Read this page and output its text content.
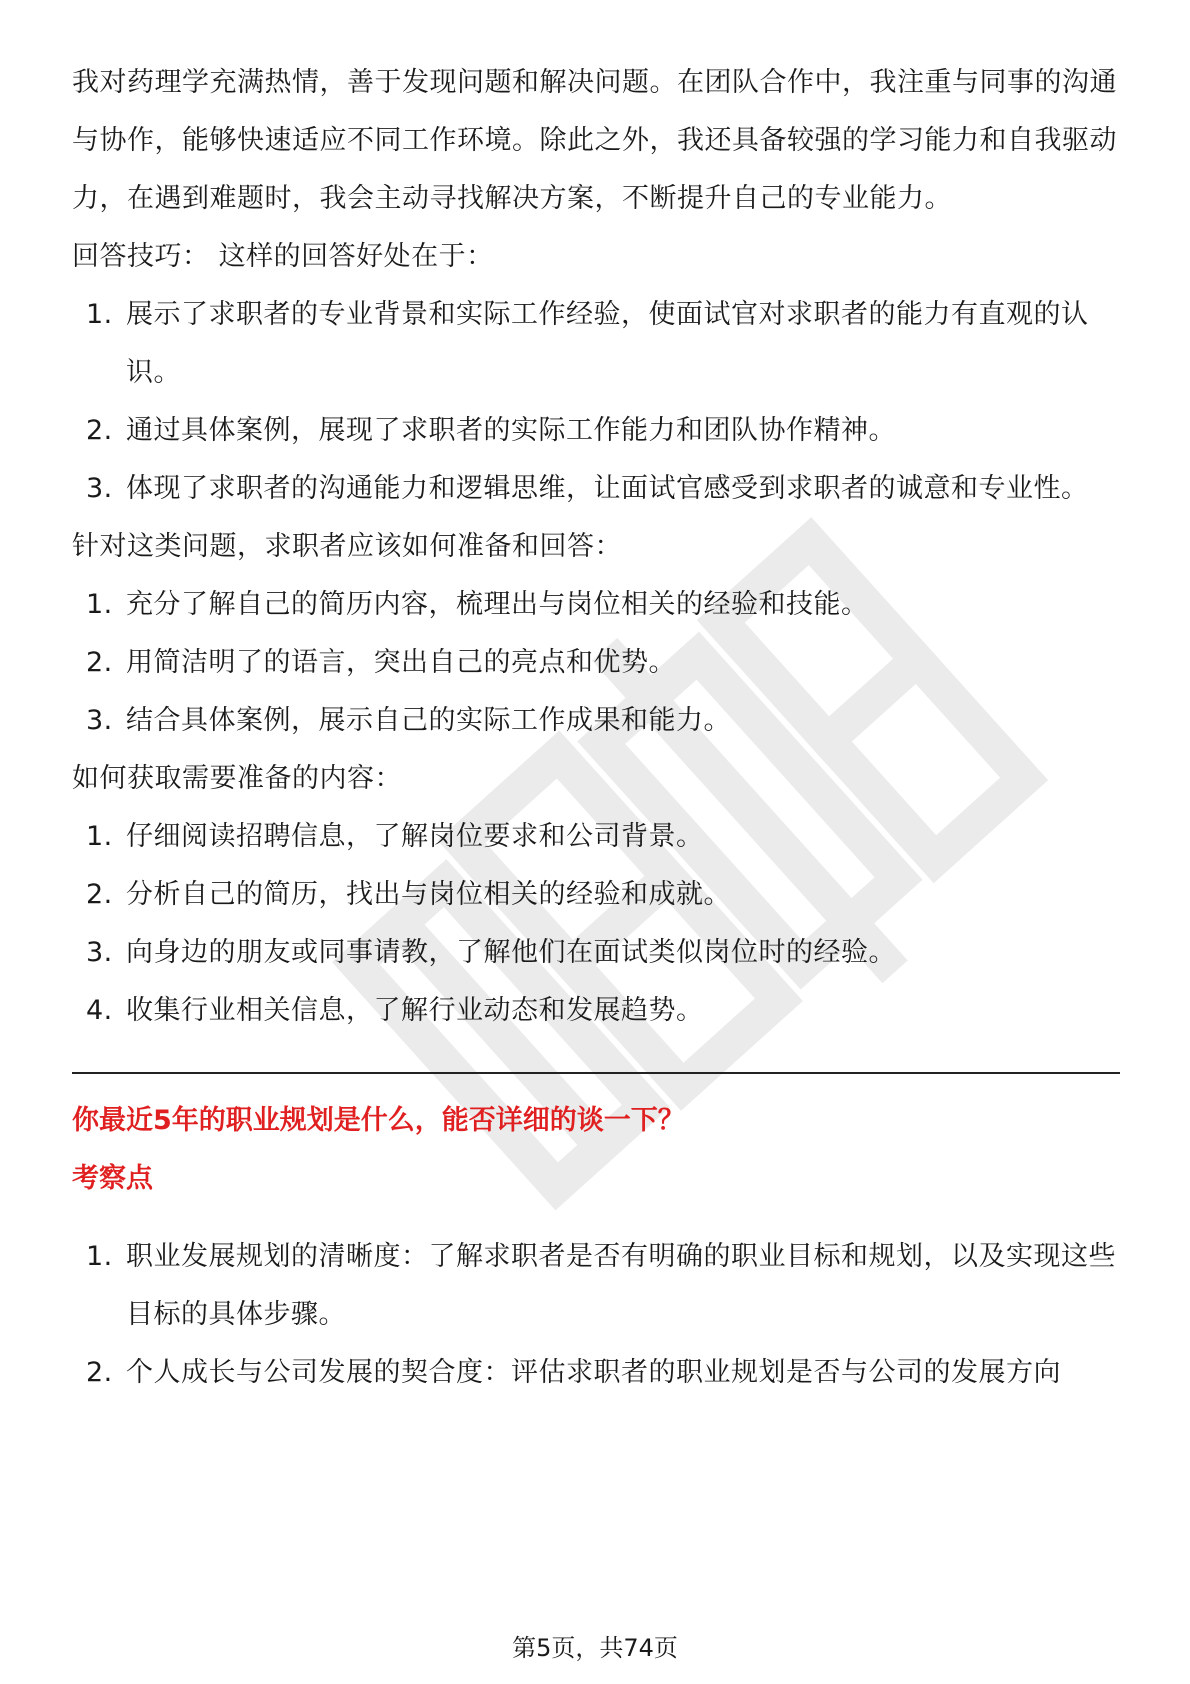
我对药理学充满热情，善于发现问题和解决问题。在团队合作中，我注重与同事的沟通与协作，能够快速适应不同工作环境。除此之外，我还具备较强的学习能力和自我驱动力，在遇到难题时，我会主动寻找解决方案，不断提升自己的专业能力。

回答技巧： 这样的回答好处在于：

1. 展示了求职者的专业背景和实际工作经验，使面试官对求职者的能力有直观的认识。
2. 通过具体案例，展现了求职者的实际工作能力和团队协作精神。
3. 体现了求职者的沟通能力和逻辑思维，让面试官感受到求职者的诚意和专业性。

针对这类问题，求职者应该如何准备和回答：

1. 充分了解自己的简历内容，梳理出与岗位相关的经验和技能。
2. 用简洁明了的语言，突出自己的亮点和优势。
3. 结合具体案例，展示自己的实际工作成果和能力。

如何获取需要准备的内容：

1. 仔细阅读招聘信息，了解岗位要求和公司背景。
2. 分析自己的简历，找出与岗位相关的经验和成就。
3. 向身边的朋友或同事请教，了解他们在面试类似岗位时的经验。
4. 收集行业相关信息，了解行业动态和发展趋势。

你最近5年的职业规划是什么，能否详细的谈一下？

考察点

1. 职业发展规划的清晰度：了解求职者是否有明确的职业目标和规划，以及实现这些目标的具体步骤。
2. 个人成长与公司发展的契合度：评估求职者的职业规划是否与公司的发展方向
第5页，共74页
